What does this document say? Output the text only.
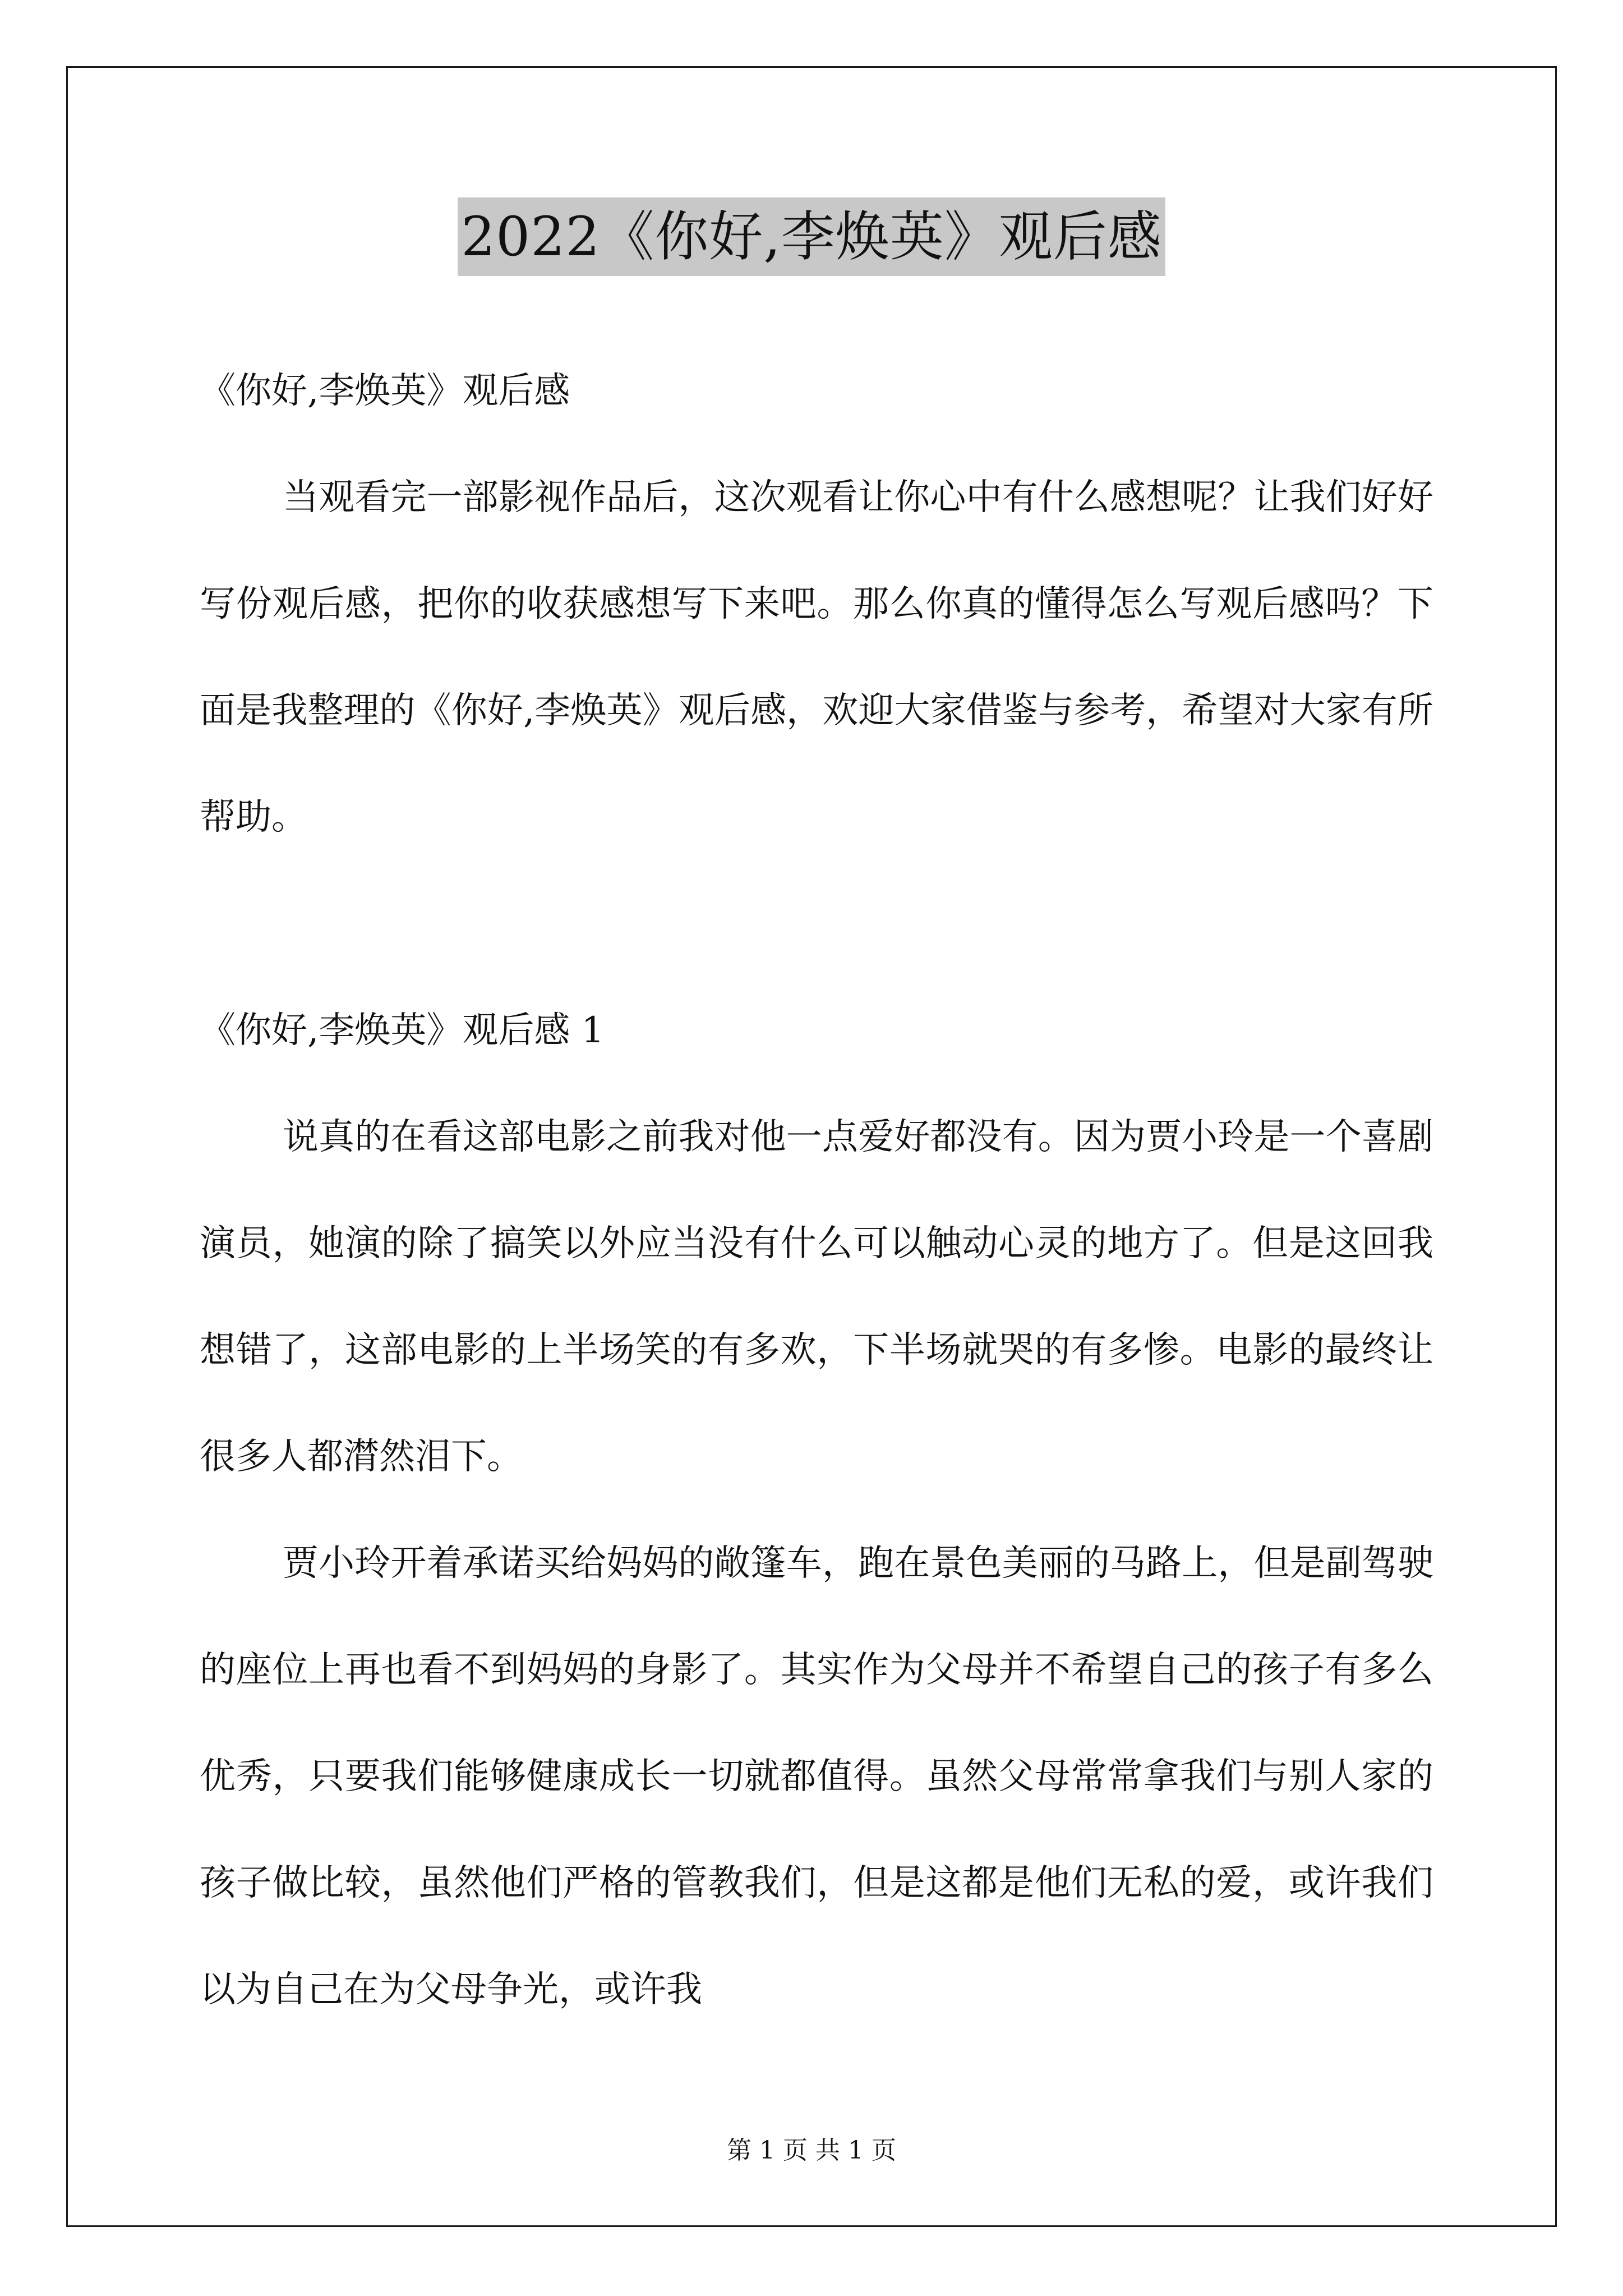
2022《你好,李焕英》观后感

《你好,李焕英》观后感

当观看完一部影视作品后，这次观看让你心中有什么感想呢？让我们好好写份观后感，把你的收获感想写下来吧。那么你真的懂得怎么写观后感吗？下面是我整理的《你好,李焕英》观后感，欢迎大家借鉴与参考，希望对大家有所帮助。

《你好,李焕英》观后感 1

说真的在看这部电影之前我对他一点爱好都没有。因为贾小玲是一个喜剧演员，她演的除了搞笑以外应当没有什么可以触动心灵的地方了。但是这回我想错了，这部电影的上半场笑的有多欢，下半场就哭的有多惨。电影的最终让很多人都潸然泪下。

贾小玲开着承诺买给妈妈的敞篷车，跑在景色美丽的马路上，但是副驾驶的座位上再也看不到妈妈的身影了。其实作为父母并不希望自己的孩子有多么优秀，只要我们能够健康成长一切就都值得。虽然父母常常拿我们与别人家的孩子做比较，虽然他们严格的管教我们，但是这都是他们无私的爱，或许我们以为自己在为父母争光，或许我

第 1 页 共 1 页
